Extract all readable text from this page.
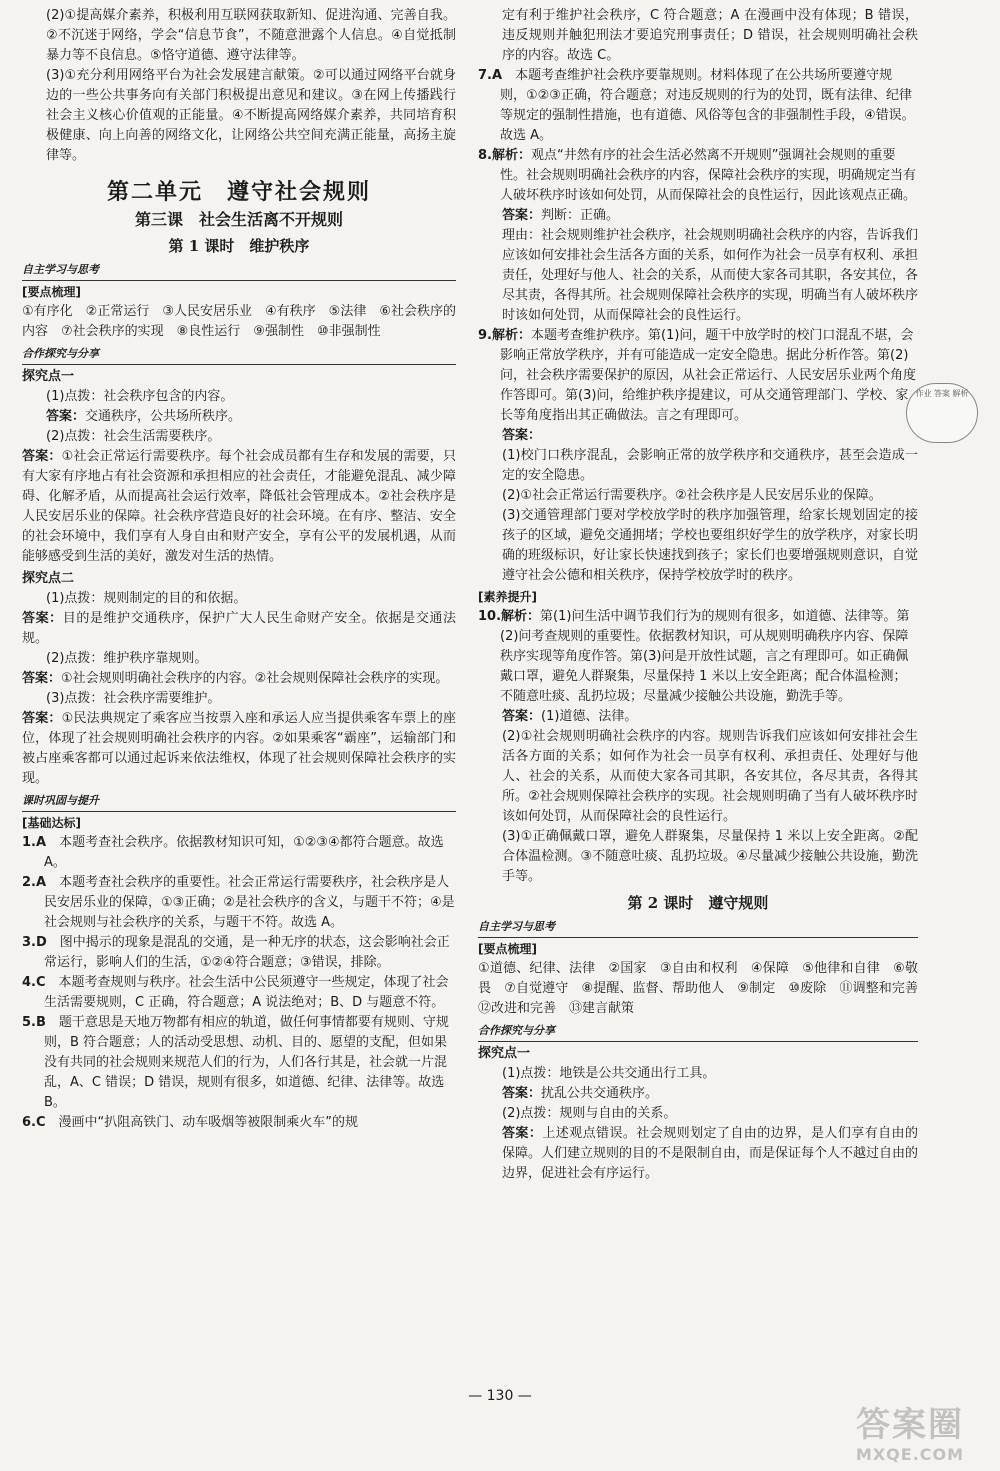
(2)①提高媒介素养，积极利用互联网获取新知、促进沟通、完善自我。②不沉迷于网络，学会“信息节食”，不随意泄露个人信息。④自觉抵制暴力等不良信息。⑤恪守道德、遵守法律等。

(3)①充分利用网络平台为社会发展建言献策。②可以通过网络平台就身边的一些公共事务向有关部门积极提出意见和建议。③在网上传播践行社会主义核心价值观的正能量。④不断提高网络媒介素养，共同培育积极健康、向上向善的网络文化，让网络公共空间充满正能量，高扬主旋律等。

第二单元　遵守社会规则
第三课　社会生活离不开规则
第 1 课时　维护秩序
自主学习与思考
[要点梳理]

①有序化　②正常运行　③人民安居乐业　④有秩序　⑤法律　⑥社会秩序的内容　⑦社会秩序的实现　⑧良性运行　⑨强制性　⑩非强制性

合作探究与分享
探究点一

(1)点拨：社会秩序包含的内容。

答案：交通秩序，公共场所秩序。

(2)点拨：社会生活需要秩序。

答案：①社会正常运行需要秩序。每个社会成员都有生存和发展的需要，只有大家有序地占有社会资源和承担相应的社会责任，才能避免混乱、减少障碍、化解矛盾，从而提高社会运行效率，降低社会管理成本。②社会秩序是人民安居乐业的保障。社会秩序营造良好的社会环境。在有序、整洁、安全的社会环境中，我们享有人身自由和财产安全，享有公平的发展机遇，从而能够感受到生活的美好，激发对生活的热情。

探究点二

(1)点拨：规则制定的目的和依据。

答案：目的是维护交通秩序，保护广大人民生命财产安全。依据是交通法规。

(2)点拨：维护秩序靠规则。

答案：①社会规则明确社会秩序的内容。②社会规则保障社会秩序的实现。

(3)点拨：社会秩序需要维护。

答案：①民法典规定了乘客应当按票入座和承运人应当提供乘客车票上的座位，体现了社会规则明确社会秩序的内容。②如果乘客“霸座”，运输部门和被占座乘客都可以通过起诉来依法维权，体现了社会规则保障社会秩序的实现。

课时巩固与提升
[基础达标]

1.A　 本题考查社会秩序。依据教材知识可知，①②③④都符合题意。故选 A。

2.A　 本题考查社会秩序的重要性。社会正常运行需要秩序，社会秩序是人民安居乐业的保障，①③正确；②是社会秩序的含义，与题干不符；④是社会规则与社会秩序的关系，与题干不符。故选 A。

3.D　 图中揭示的现象是混乱的交通，是一种无序的状态，这会影响社会正常运行，影响人们的生活，①②④符合题意；③错误，排除。

4.C　 本题考查规则与秩序。社会生活中公民须遵守一些规定，体现了社会生活需要规则，C 正确，符合题意；A 说法绝对；B、D 与题意不符。

5.B　 题干意思是天地万物都有相应的轨道，做任何事情都要有规则、守规则，B 符合题意；人的活动受思想、动机、目的、愿望的支配，但如果没有共同的社会规则来规范人们的行为，人们各行其是，社会就一片混乱，A、C 错误；D 错误，规则有很多，如道德、纪律、法律等。故选 B。

6.C　 漫画中“扒阻高铁门、动车吸烟等被限制乘火车”的规

定有利于维护社会秩序，C 符合题意；A 在漫画中没有体现；B 错误，违反规则并触犯刑法才要追究刑事责任；D 错误，社会规则明确社会秩序的内容。故选 C。

7.A　 本题考查维护社会秩序要靠规则。材料体现了在公共场所要遵守规则，①②③正确，符合题意；对违反规则的行为的处罚，既有法律、纪律等规定的强制性措施，也有道德、风俗等包含的非强制性手段，④错误。故选 A。

8.解析：观点“井然有序的社会生活必然离不开规则”强调社会规则的重要性。社会规则明确社会秩序的内容，保障社会秩序的实现，明确规定当有人破坏秩序时该如何处罚，从而保障社会的良性运行，因此该观点正确。

答案：判断：正确。

理由：社会规则维护社会秩序，社会规则明确社会秩序的内容，告诉我们应该如何安排社会生活各方面的关系，如何作为社会一员享有权利、承担责任，处理好与他人、社会的关系，从而使大家各司其职，各安其位，各尽其责，各得其所。社会规则保障社会秩序的实现，明确当有人破坏秩序时该如何处罚，从而保障社会的良性运行。

9.解析：本题考查维护秩序。第(1)问，题干中放学时的校门口混乱不堪，会影响正常放学秩序，并有可能造成一定安全隐患。据此分析作答。第(2)问，社会秩序需要保护的原因，从社会正常运行、人民安居乐业两个角度作答即可。第(3)问，给维护秩序提建议，可从交通管理部门、学校、家长等角度指出其正确做法。言之有理即可。

答案：

(1)校门口秩序混乱，会影响正常的放学秩序和交通秩序，甚至会造成一定的安全隐患。

(2)①社会正常运行需要秩序。②社会秩序是人民安居乐业的保障。

(3)交通管理部门要对学校放学时的秩序加强管理，给家长规划固定的接孩子的区域，避免交通拥堵；学校也要组织好学生的放学秩序，对家长明确的班级标识，好让家长快速找到孩子；家长们也要增强规则意识，自觉遵守社会公德和相关秩序，保持学校放学时的秩序。

[素养提升]

10.解析：第(1)问生活中调节我们行为的规则有很多，如道德、法律等。第(2)问考查规则的重要性。依据教材知识，可从规则明确秩序内容、保障秩序实现等角度作答。第(3)问是开放性试题，言之有理即可。如正确佩戴口罩，避免人群聚集，尽量保持 1 米以上安全距离；配合体温检测；不随意吐痰、乱扔垃圾；尽量减少接触公共设施，勤洗手等。

答案：(1)道德、法律。

(2)①社会规则明确社会秩序的内容。规则告诉我们应该如何安排社会生活各方面的关系；如何作为社会一员享有权利、承担责任、处理好与他人、社会的关系，从而使大家各司其职，各安其位，各尽其责，各得其所。②社会规则保障社会秩序的实现。社会规则明确了当有人破坏秩序时该如何处罚，从而保障社会的良性运行。

(3)①正确佩戴口罩，避免人群聚集，尽量保持 1 米以上安全距离。②配合体温检测。③不随意吐痰、乱扔垃圾。④尽量减少接触公共设施，勤洗手等。

第 2 课时　遵守规则
自主学习与思考
[要点梳理]

①道德、纪律、法律　②国家　③自由和权利　④保障　⑤他律和自律　⑥敬畏　⑦自觉遵守　⑧提醒、监督、帮助他人　⑨制定　⑩废除　⑪调整和完善　⑫改进和完善　⑬建言献策

合作探究与分享
探究点一

(1)点拨：地铁是公共交通出行工具。

答案：扰乱公共交通秩序。

(2)点拨：规则与自由的关系。

答案：上述观点错误。社会规则划定了自由的边界，是人们享有自由的保障。人们建立规则的目的不是限制自由，而是保证每个人不越过自由的边界，促进社会有序运行。

作业 答案 解析
— 130 —
答案圈
MXQE.COM
